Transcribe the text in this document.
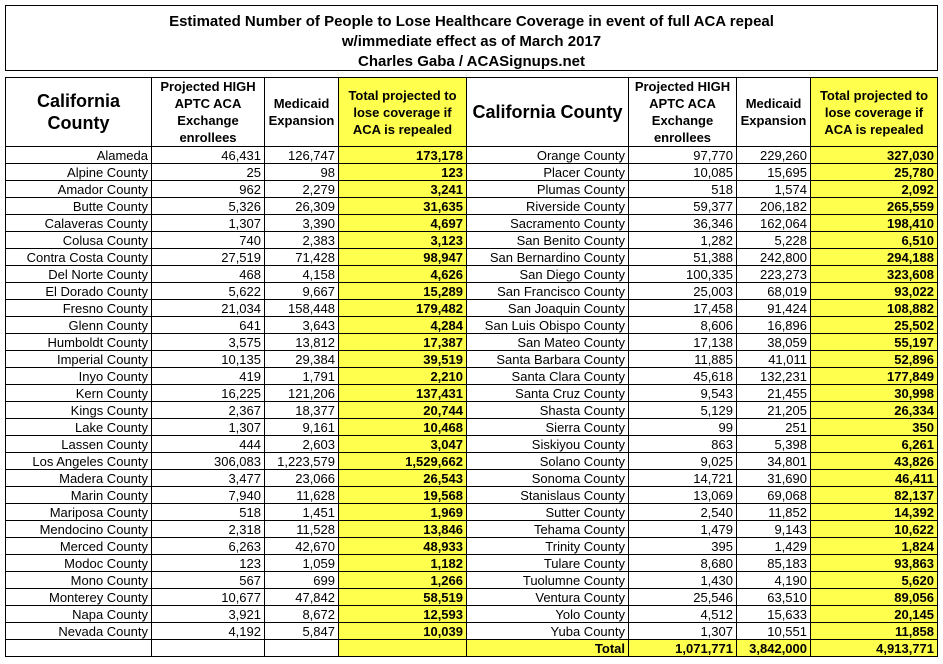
Estimated Number of People to Lose Healthcare Coverage in event of full ACA repeal
w/immediate effect as of March 2017
Charles Gaba / ACASignups.net
California County	Projected HIGH APTC ACA Exchange enrollees	Medicaid Expansion	Total projected to lose coverage if ACA is repealed	California County	Projected HIGH APTC ACA Exchange enrollees	Medicaid Expansion	Total projected to lose coverage if ACA is repealed
Alameda	46,431	126,747	173,178	Orange County	97,770	229,260	327,030
Alpine County	25	98	123	Placer County	10,085	15,695	25,780
Amador County	962	2,279	3,241	Plumas County	518	1,574	2,092
Butte County	5,326	26,309	31,635	Riverside County	59,377	206,182	265,559
Calaveras County	1,307	3,390	4,697	Sacramento County	36,346	162,064	198,410
Colusa County	740	2,383	3,123	San Benito County	1,282	5,228	6,510
Contra Costa County	27,519	71,428	98,947	San Bernardino County	51,388	242,800	294,188
Del Norte County	468	4,158	4,626	San Diego County	100,335	223,273	323,608
El Dorado County	5,622	9,667	15,289	San Francisco County	25,003	68,019	93,022
Fresno County	21,034	158,448	179,482	San Joaquin County	17,458	91,424	108,882
Glenn County	641	3,643	4,284	San Luis Obispo County	8,606	16,896	25,502
Humboldt County	3,575	13,812	17,387	San Mateo County	17,138	38,059	55,197
Imperial County	10,135	29,384	39,519	Santa Barbara County	11,885	41,011	52,896
Inyo County	419	1,791	2,210	Santa Clara County	45,618	132,231	177,849
Kern County	16,225	121,206	137,431	Santa Cruz County	9,543	21,455	30,998
Kings County	2,367	18,377	20,744	Shasta County	5,129	21,205	26,334
Lake County	1,307	9,161	10,468	Sierra County	99	251	350
Lassen County	444	2,603	3,047	Siskiyou County	863	5,398	6,261
Los Angeles County	306,083	1,223,579	1,529,662	Solano County	9,025	34,801	43,826
Madera County	3,477	23,066	26,543	Sonoma County	14,721	31,690	46,411
Marin County	7,940	11,628	19,568	Stanislaus County	13,069	69,068	82,137
Mariposa County	518	1,451	1,969	Sutter County	2,540	11,852	14,392
Mendocino County	2,318	11,528	13,846	Tehama County	1,479	9,143	10,622
Merced County	6,263	42,670	48,933	Trinity County	395	1,429	1,824
Modoc County	123	1,059	1,182	Tulare County	8,680	85,183	93,863
Mono County	567	699	1,266	Tuolumne County	1,430	4,190	5,620
Monterey County	10,677	47,842	58,519	Ventura County	25,546	63,510	89,056
Napa County	3,921	8,672	12,593	Yolo County	4,512	15,633	20,145
Nevada County	4,192	5,847	10,039	Yuba County	1,307	10,551	11,858
				Total	1,071,771	3,842,000	4,913,771
